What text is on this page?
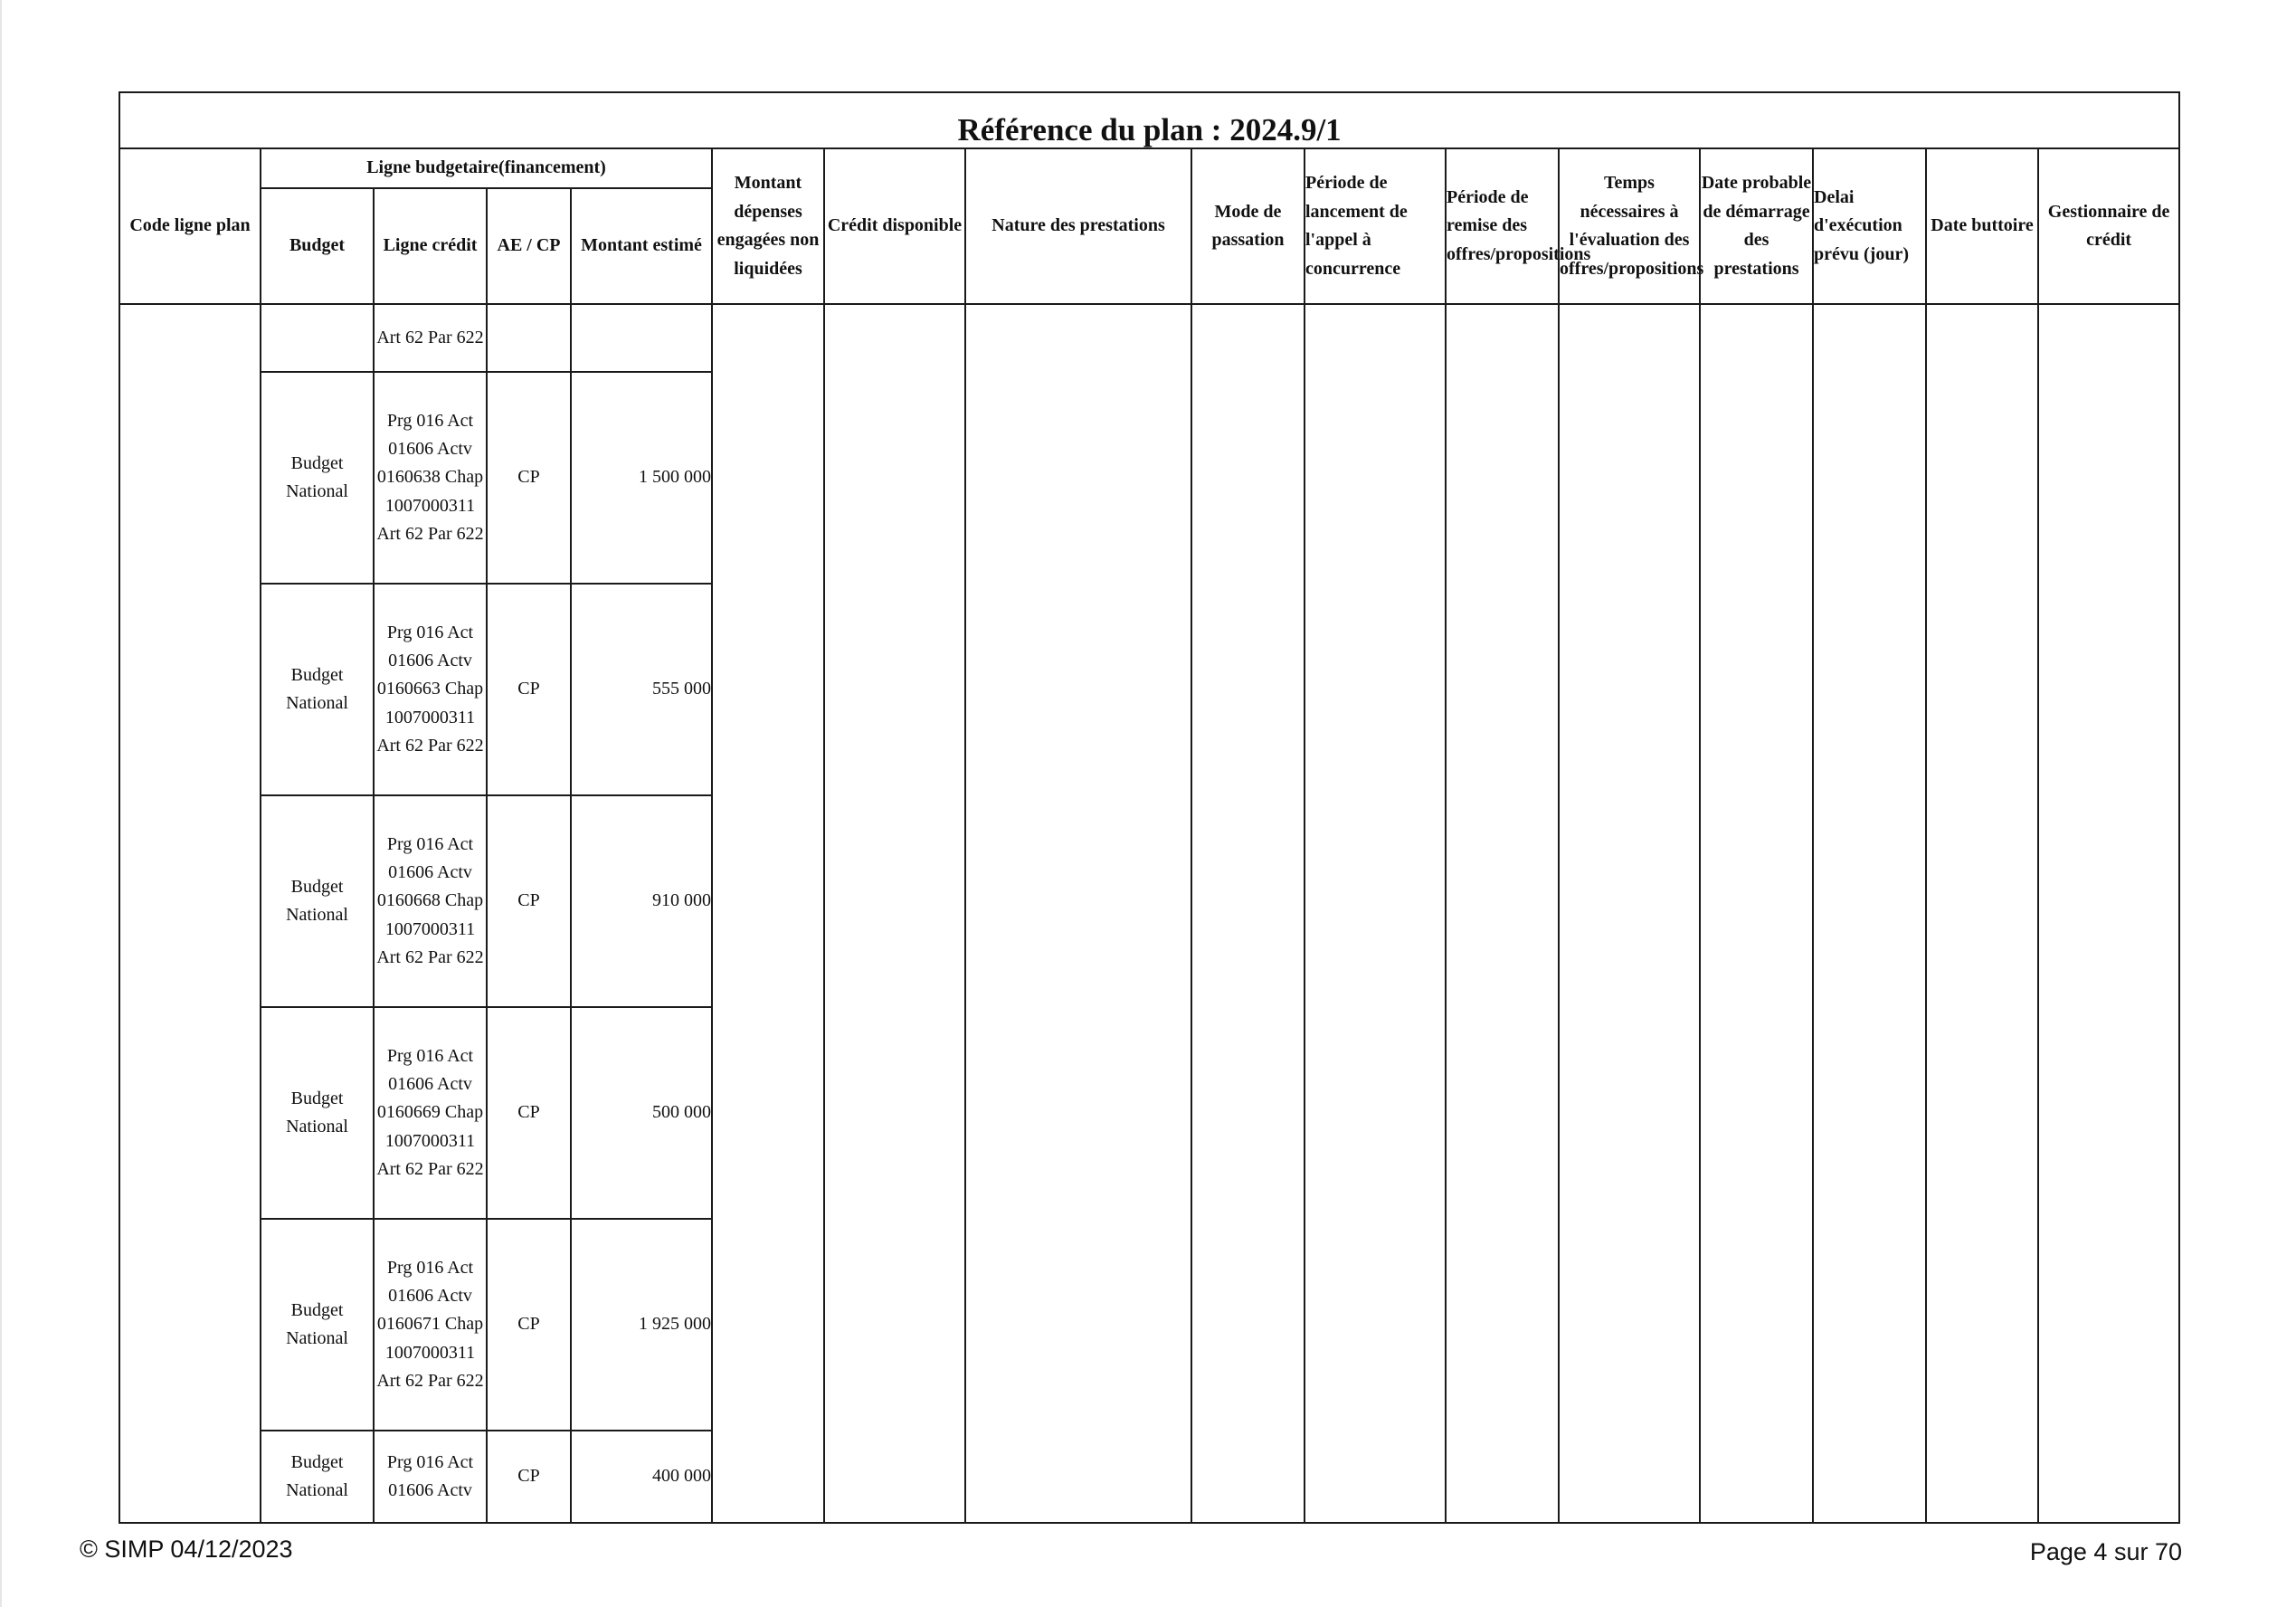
Référence du plan : 2024.9/1															
Code ligne plan	Ligne budgetaire(financement)				Montant dépenses engagées non liquidées	Crédit disponible	Nature des prestations	Mode de passation	Période de lancement de l'appel à concurrence	Période de remise des offres/propositions	Temps nécessaires à l'évaluation des offres/propositions	Date probable de démarrage des prestations	Delai d'exécution prévu (jour)	Date buttoire	Gestionnaire de crédit
	Budget	Ligne crédit	AE / CP	Montant estimé											
		Art 62 Par 622													
	Budget National	Prg 016 Act 01606 Actv 0160638 Chap 1007000311 Art 62 Par 622	CP	1 500 000											
	Budget National	Prg 016 Act 01606 Actv 0160663 Chap 1007000311 Art 62 Par 622	CP	555 000											
	Budget National	Prg 016 Act 01606 Actv 0160668 Chap 1007000311 Art 62 Par 622	CP	910 000											
	Budget National	Prg 016 Act 01606 Actv 0160669 Chap 1007000311 Art 62 Par 622	CP	500 000											
	Budget National	Prg 016 Act 01606 Actv 0160671 Chap 1007000311 Art 62 Par 622	CP	1 925 000											
	Budget National	Prg 016 Act 01606 Actv	CP	400 000											
© SIMP 04/12/2023	Page 4 sur 70
